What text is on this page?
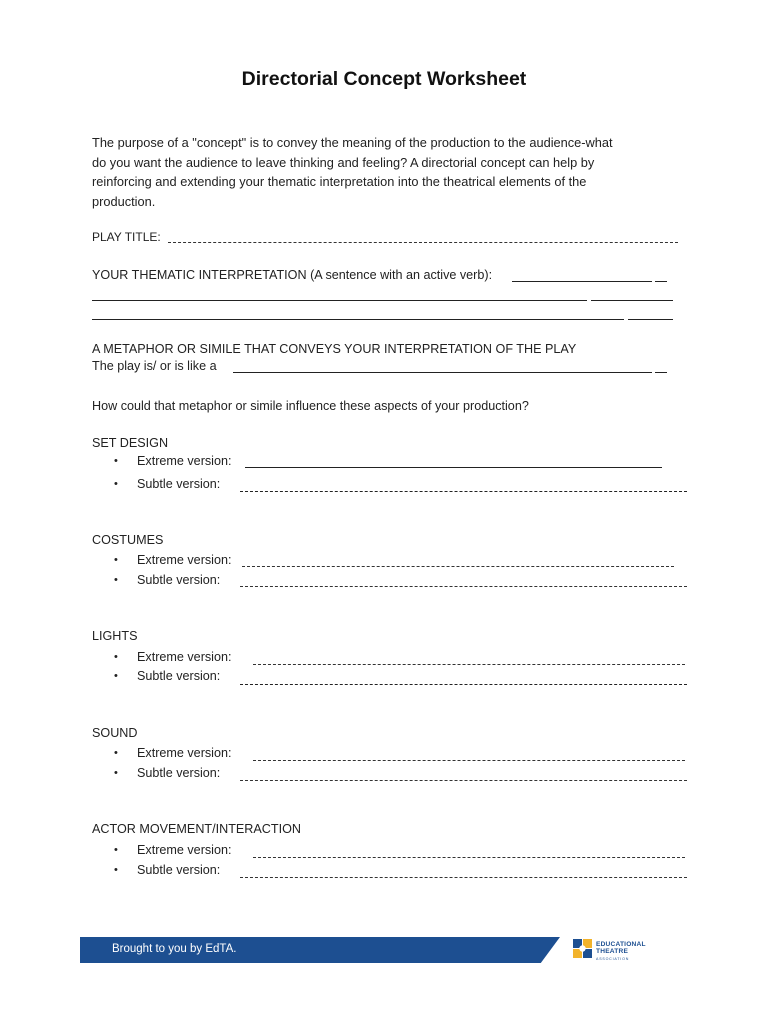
Directorial Concept Worksheet
The purpose of a "concept" is to convey the meaning of the production to the audience-what
do you want the audience to leave thinking and feeling? A directorial concept can help by
reinforcing and extending your thematic interpretation into the theatrical elements of the
production.
PLAY TITLE:
YOUR THEMATIC INTERPRETATION (A sentence with an active verb):
A METAPHOR OR SIMILE THAT CONVEYS YOUR INTERPRETATION OF THE PLAY
The play is/ or is like a
How could that metaphor or simile influence these aspects of your production?
SET DESIGN
• Extreme version:
• Subtle version:
COSTUMES
• Extreme version:
• Subtle version:
LIGHTS
• Extreme version:
• Subtle version:
SOUND
• Extreme version:
• Subtle version:
ACTOR MOVEMENT/INTERACTION
• Extreme version:
• Subtle version:
Brought to you by EdTA.	EDUCATIONAL
THEATRE
ASSOCIATION
